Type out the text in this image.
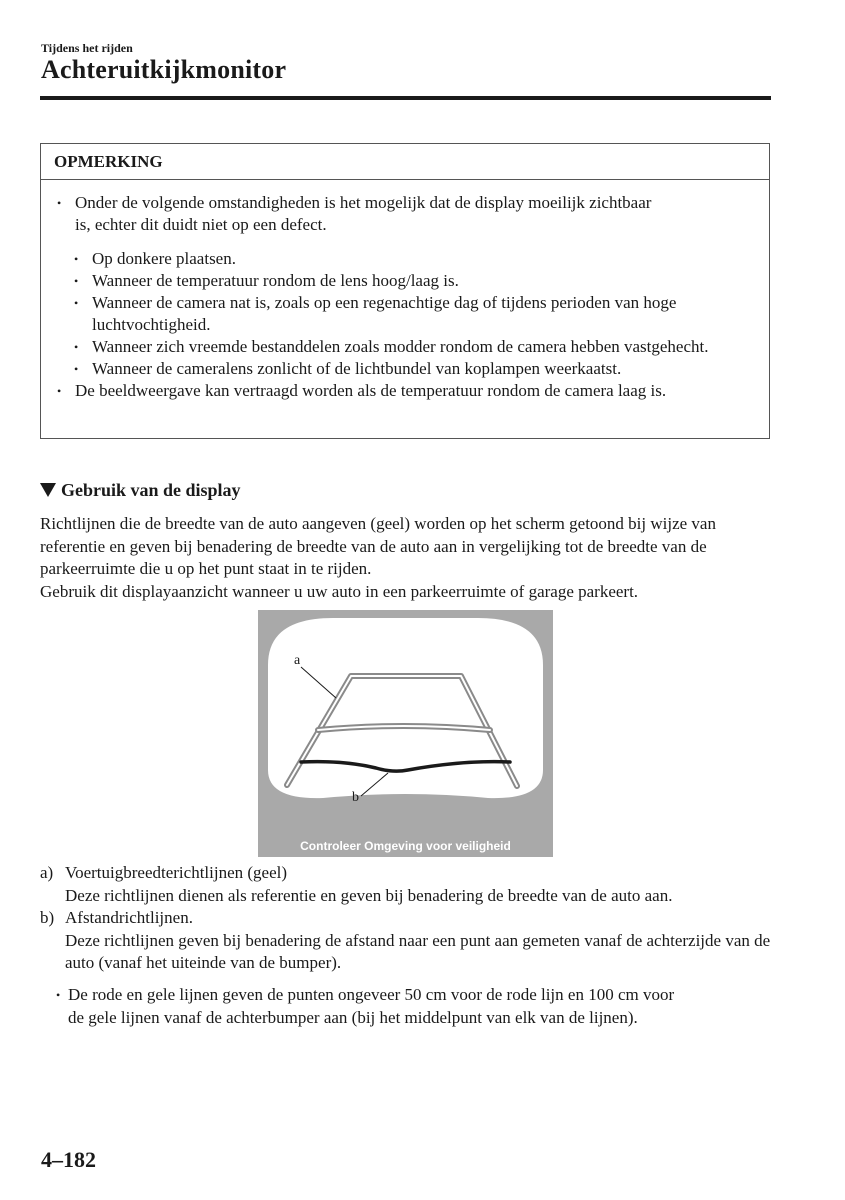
Tijdens het rijden
Achteruitkijkmonitor
OPMERKING
• Onder de volgende omstandigheden is het mogelijk dat de display moeilijk zichtbaar
is, echter dit duidt niet op een defect.
• Op donkere plaatsen.
• Wanneer de temperatuur rondom de lens hoog/laag is.
• Wanneer de camera nat is, zoals op een regenachtige dag of tijdens perioden van hoge luchtvochtigheid.
• Wanneer zich vreemde bestanddelen zoals modder rondom de camera hebben vastgehecht.
• Wanneer de cameralens zonlicht of de lichtbundel van koplampen weerkaatst.
• De beeldweergave kan vertraagd worden als de temperatuur rondom de camera laag is.
Gebruik van de display

Richtlijnen die de breedte van de auto aangeven (geel) worden op het scherm getoond bij wijze van referentie en geven bij benadering de breedte van de auto aan in vergelijking tot de breedte van de parkeerruimte die u op het punt staat in te rijden.

Gebruik dit displayaanzicht wanneer u uw auto in een parkeerruimte of garage parkeert.

a
b
Controleer Omgeving voor veiligheid
a) Voertuigbreedterichtlijnen (geel)
Deze richtlijnen dienen als referentie en geven bij benadering de breedte van de auto aan.
b) Afstandrichtlijnen.
Deze richtlijnen geven bij benadering de afstand naar een punt aan gemeten vanaf de achterzijde van de auto (vanaf het uiteinde van de bumper).
• De rode en gele lijnen geven de punten ongeveer 50 cm voor de rode lijn en 100 cm voor
de gele lijnen vanaf de achterbumper aan (bij het middelpunt van elk van de lijnen).
4–182
